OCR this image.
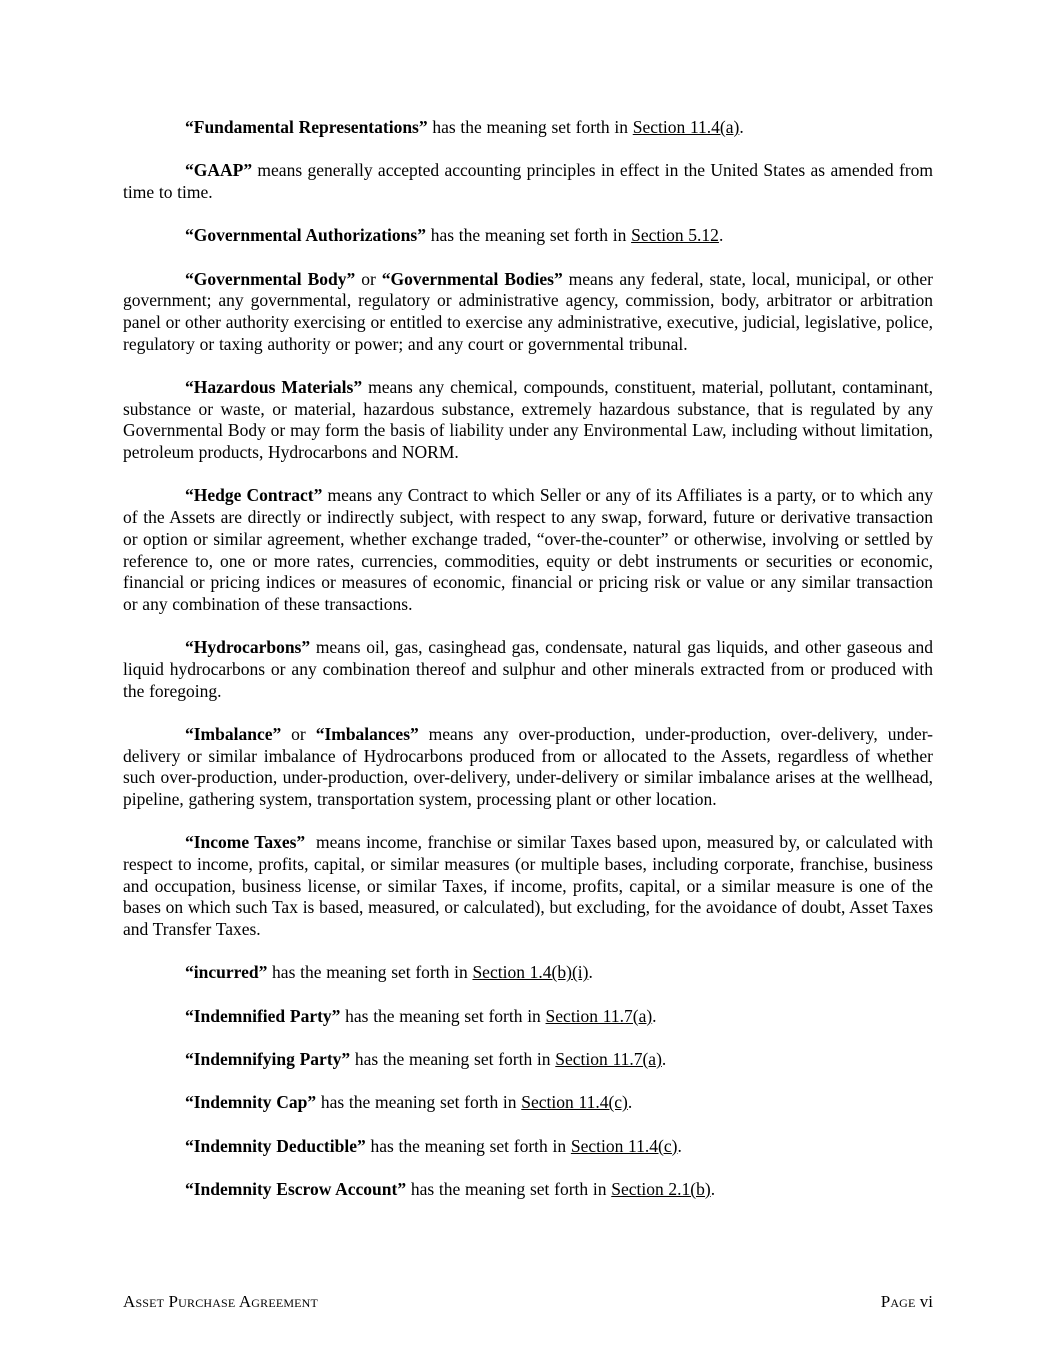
“Fundamental Representations” has the meaning set forth in Section 11.4(a).

“GAAP” means generally accepted accounting principles in effect in the United States as amended from time to time.

“Governmental Authorizations” has the meaning set forth in Section 5.12.

“Governmental Body” or “Governmental Bodies” means any federal, state, local, municipal, or other government; any governmental, regulatory or administrative agency, commission, body, arbitrator or arbitration panel or other authority exercising or entitled to exercise any administrative, executive, judicial, legislative, police, regulatory or taxing authority or power; and any court or governmental tribunal.

“Hazardous Materials” means any chemical, compounds, constituent, material, pollutant, contaminant, substance or waste, or material, hazardous substance, extremely hazardous substance, that is regulated by any Governmental Body or may form the basis of liability under any Environmental Law, including without limitation, petroleum products, Hydrocarbons and NORM.

“Hedge Contract” means any Contract to which Seller or any of its Affiliates is a party, or to which any of the Assets are directly or indirectly subject, with respect to any swap, forward, future or derivative transaction or option or similar agreement, whether exchange traded, “over-the-counter” or otherwise, involving or settled by reference to, one or more rates, currencies, commodities, equity or debt instruments or securities or economic, financial or pricing indices or measures of economic, financial or pricing risk or value or any similar transaction or any combination of these transactions.

“Hydrocarbons” means oil, gas, casinghead gas, condensate, natural gas liquids, and other gaseous and liquid hydrocarbons or any combination thereof and sulphur and other minerals extracted from or produced with the foregoing.

“Imbalance” or “Imbalances” means any over-production, under-production, over-delivery, under-delivery or similar imbalance of Hydrocarbons produced from or allocated to the Assets, regardless of whether such over-production, under-production, over-delivery, under-delivery or similar imbalance arises at the wellhead, pipeline, gathering system, transportation system, processing plant or other location.

“Income Taxes”  means income, franchise or similar Taxes based upon, measured by, or calculated with respect to income, profits, capital, or similar measures (or multiple bases, including corporate, franchise, business and occupation, business license, or similar Taxes, if income, profits, capital, or a similar measure is one of the bases on which such Tax is based, measured, or calculated), but excluding, for the avoidance of doubt, Asset Taxes and Transfer Taxes.

“incurred” has the meaning set forth in Section 1.4(b)(i).

“Indemnified Party” has the meaning set forth in Section 11.7(a).

“Indemnifying Party” has the meaning set forth in Section 11.7(a).

“Indemnity Cap” has the meaning set forth in Section 11.4(c).

“Indemnity Deductible” has the meaning set forth in Section 11.4(c).

“Indemnity Escrow Account” has the meaning set forth in Section 2.1(b).

Asset Purchase Agreement	Page vi
